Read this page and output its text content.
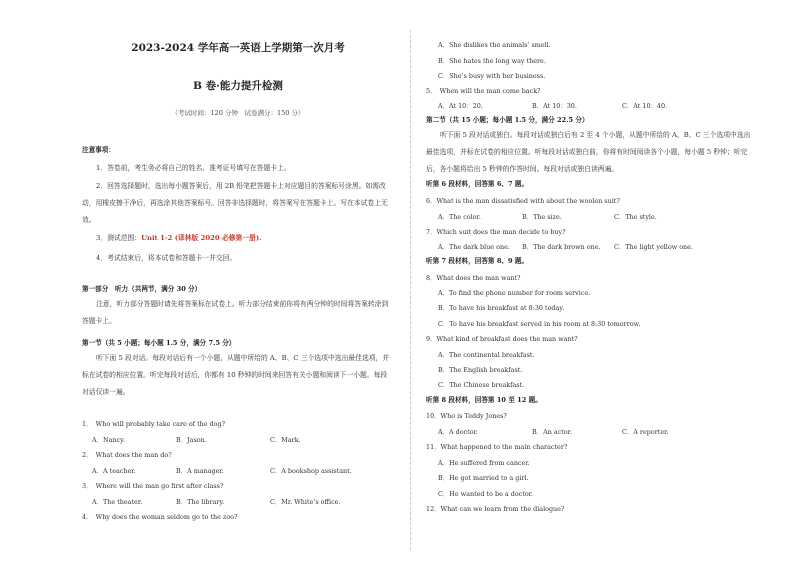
2023-2024 学年高一英语上学期第一次月考
B 卷·能力提升检测
（考试时间：120 分钟　试卷满分：150 分）
注意事项：
1．答卷前，考生务必将自己的姓名、准考证号填写在答题卡上。
2．回答选择题时，选出每小题答案后，用 2B 铅笔把答题卡上对应题目的答案标号涂黑。如需改动，用橡皮擦干净后，再选涂其他答案标号。回答非选择题时，将答案写在答题卡上。写在本试卷上无效。
3．测试范围：Unit 1-2 (译林版 2020 必修第一册).
4．考试结束后，将本试卷和答题卡一并交回。
第一部分　听力（共两节，满分 30 分）
注意，听力部分答题时请先将答案标在试卷上。听力部分结束前你将有两分钟的时间将答案转涂到答题卡上。
第一节（共 5 小题；每小题 1.5 分，满分 7.5 分）
听下面 5 段对话。每段对话后有一个小题，从题中所给的 A、B、C 三个选项中选出最佳选项，并标在试卷的相应位置。听完每段对话后，你都有 10 秒钟的时间来回答有关小题和阅读下一小题。每段对话仅读一遍。
1．　Who will probably take care of the dog?
A．Nancy.	B．Jason.	C．Mark.
2．　What does the man do?
A．A teacher.	B．A manager.	C．A bookshop assistant.
3．　Where will the man go first after class?
A．The theater.	B．The library.	C．Mr. White’s office.
4．　Why does the woman seldom go to the zoo?
A．She dislikes the animals’ smell.
B．She hates the long way there.
C．She’s busy with her business.
5．　When will the man come back?
A．At 10：20.	B．At 10：30.	C．At 10：40.
第二节（共 15 小题；每小题 1.5 分，满分 22.5 分）
听下面 5 段对话或独白。每段对话或独白后有 2 至 4 个小题，从题中所给的 A、B、C 三个选项中选出最佳选项，并标在试卷的相应位置。听每段对话或独白前，你将有时间阅读各个小题，每小题 5 秒钟；听完后，各小题将给出 5 秒钟的作答时间。每段对话或独白读两遍。
听第 6 段材料，回答第 6、7 题。
6．What is the man dissatisfied with about the woolen suit?
A．The color.	B．The size.	C．The style.
7．Which suit does the man decide to buy?
A．The dark blue one. B．The dark brown one. C．The light yellow one.
听第 7 段材料，回答第 8、9 题。
8．What does the man want?
A．To find the phone number for room service.
B．To have his breakfast at 8:30 today.
C．To have his breakfast served in his room at 8:30 tomorrow.
9．What kind of breakfast does the man want?
A．The continental breakfast.
B．The English breakfast.
C．The Chinese breakfast.
听第 8 段材料，回答第 10 至 12 题。
10．Who is Teddy Jones?
A．A doctor.	B．An actor.	C．A reporter.
11．What happened to the main character?
A．He suffered from cancer.
B．He got married to a girl.
C．He wanted to be a doctor.
12．What can we learn from the dialogue?
